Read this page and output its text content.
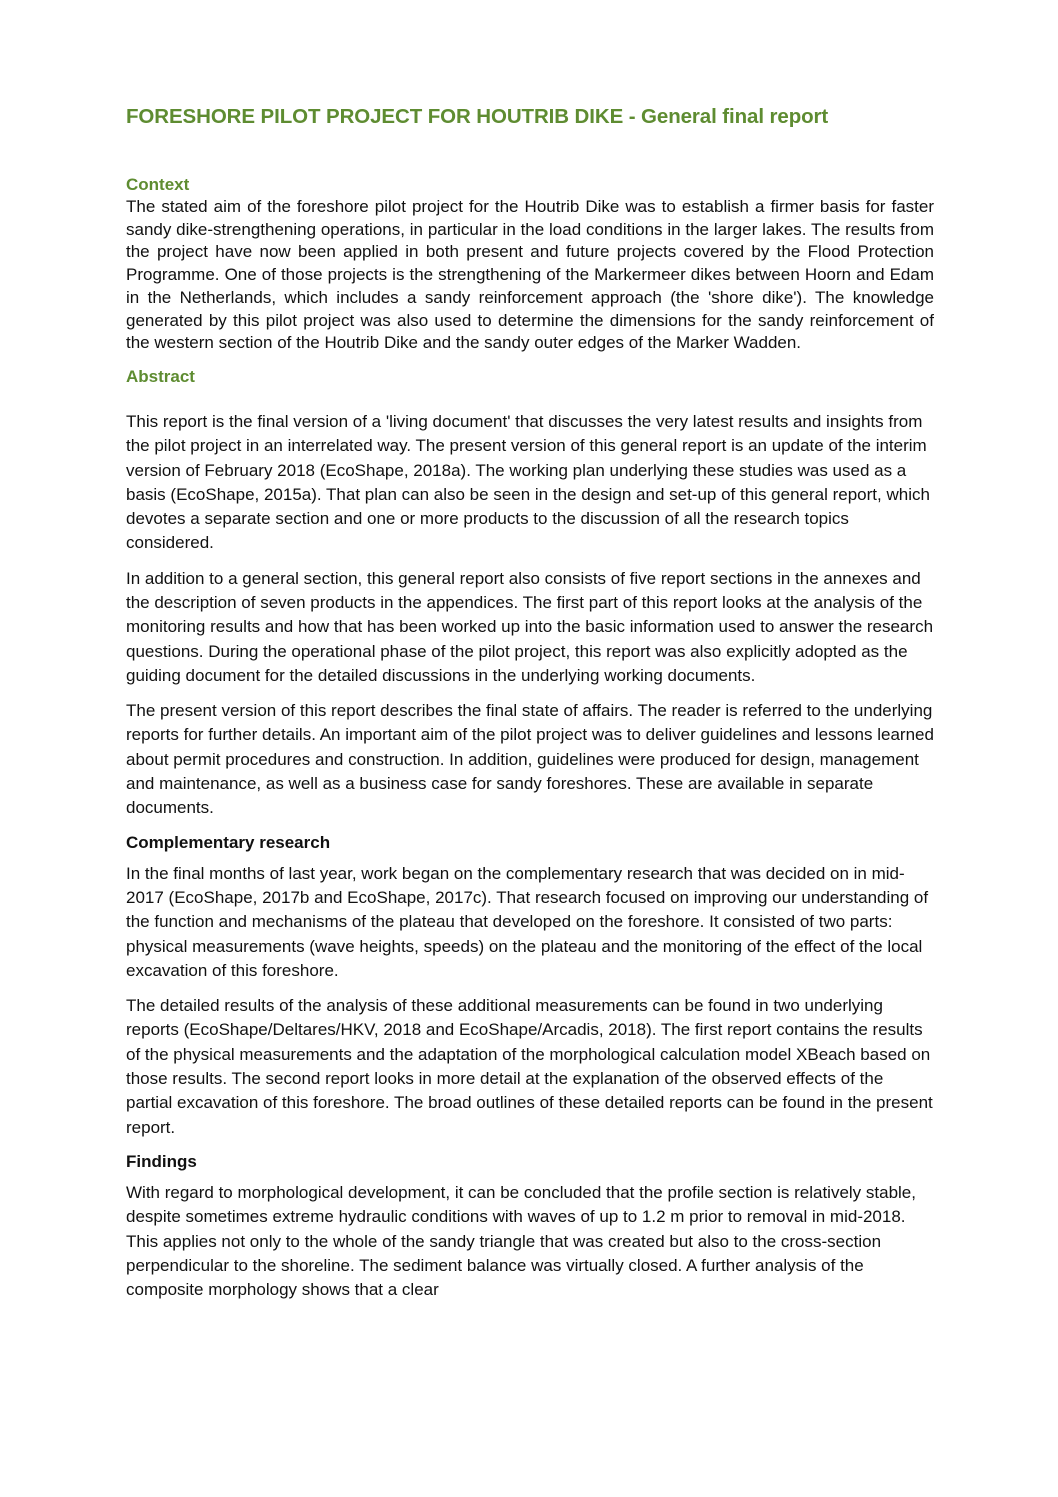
FORESHORE PILOT PROJECT FOR HOUTRIB DIKE - General final report
Context

The stated aim of the foreshore pilot project for the Houtrib Dike was to establish a firmer basis for faster sandy dike-strengthening operations, in particular in the load conditions in the larger lakes. The results from the project have now been applied in both present and future projects covered by the Flood Protection Programme. One of those projects is the strengthening of the Markermeer dikes between Hoorn and Edam in the Netherlands, which includes a sandy reinforcement approach (the 'shore dike'). The knowledge generated by this pilot project was also used to determine the dimensions for the sandy reinforcement of the western section of the Houtrib Dike and the sandy outer edges of the Marker Wadden.

Abstract

This report is the final version of a 'living document' that discusses the very latest results and insights from the pilot project in an interrelated way. The present version of this general report is an update of the interim version of February 2018 (EcoShape, 2018a). The working plan underlying these studies was used as a basis (EcoShape, 2015a). That plan can also be seen in the design and set-up of this general report, which devotes a separate section and one or more products to the discussion of all the research topics considered.

In addition to a general section, this general report also consists of five report sections in the annexes and the description of seven products in the appendices. The first part of this report looks at the analysis of the monitoring results and how that has been worked up into the basic information used to answer the research questions. During the operational phase of the pilot project, this report was also explicitly adopted as the guiding document for the detailed discussions in the underlying working documents.

The present version of this report describes the final state of affairs. The reader is referred to the underlying reports for further details. An important aim of the pilot project was to deliver guidelines and lessons learned about permit procedures and construction. In addition, guidelines were produced for design, management and maintenance, as well as a business case for sandy foreshores. These are available in separate documents.

Complementary research

In the final months of last year, work began on the complementary research that was decided on in mid-2017 (EcoShape, 2017b and EcoShape, 2017c). That research focused on improving our understanding of the function and mechanisms of the plateau that developed on the foreshore. It consisted of two parts: physical measurements (wave heights, speeds) on the plateau and the monitoring of the effect of the local excavation of this foreshore.

The detailed results of the analysis of these additional measurements can be found in two underlying reports (EcoShape/Deltares/HKV, 2018 and EcoShape/Arcadis, 2018). The first report contains the results of the physical measurements and the adaptation of the morphological calculation model XBeach based on those results. The second report looks in more detail at the explanation of the observed effects of the partial excavation of this foreshore. The broad outlines of these detailed reports can be found in the present report.

Findings

With regard to morphological development, it can be concluded that the profile section is relatively stable, despite sometimes extreme hydraulic conditions with waves of up to 1.2 m prior to removal in mid-2018. This applies not only to the whole of the sandy triangle that was created but also to the cross-section perpendicular to the shoreline. The sediment balance was virtually closed. A further analysis of the composite morphology shows that a clear
